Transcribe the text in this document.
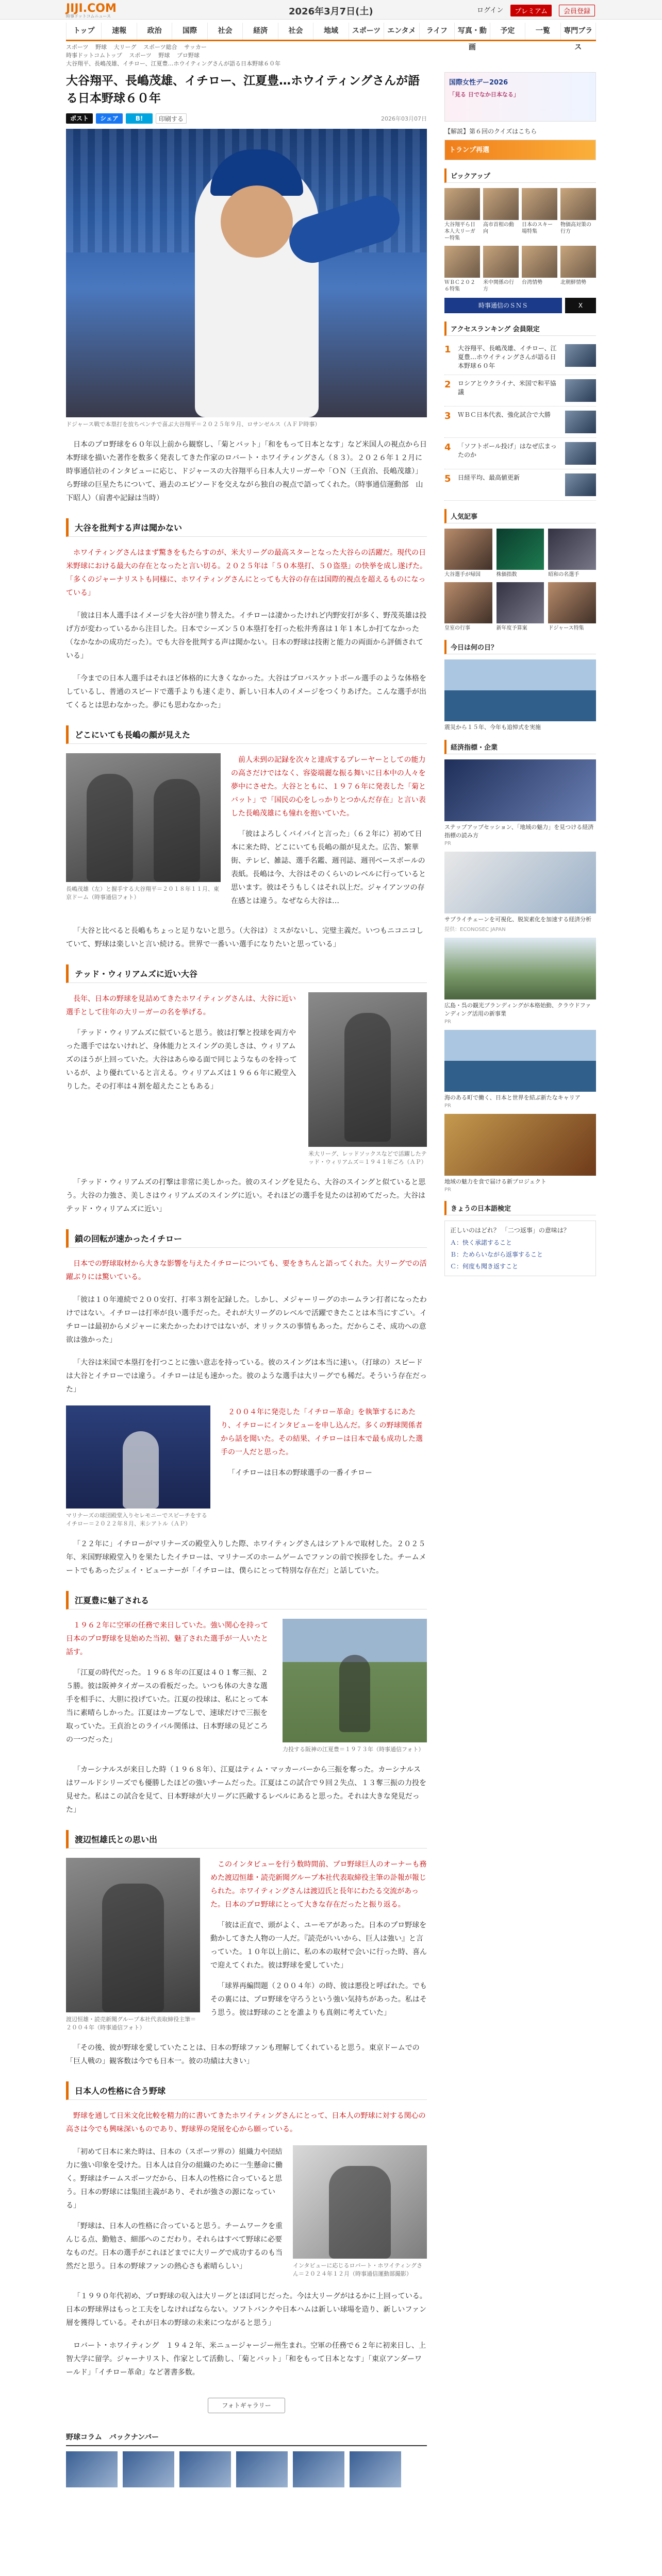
JIJI.COM
時事ドットコムニュース	2026年3月7日(土)	ログイン	プレミアム	会員登録
トップ	速報	政治	国際	社会	経済	社会	地域	スポーツ エンタメ	ライフ	写真・動画
予定	一覧	専門ブラス
スポーツ 野球 大リーグ スポーツ総合 サッカー
時事ドットコムトップ スポーツ 野球 プロ野球
大谷翔平、長嶋茂雄、イチロー、江夏豊…ホウイティングさんが語る日本野球６０年
大谷翔平、長嶋茂雄、イチロー、江夏豊…ホウイティングさんが語る日本野球６０年
ポスト	シェア	B!	印刷する	2026年03月07日
ドジャース戦で本塁打を放ちベンチで喜ぶ大谷翔平＝２０２５年９月、ロサンゼルス（ＡＦＰ時事）

日本のプロ野球を６０年以上前から観察し、「菊とバット」「和をもって日本となす」など米国人の視点から日本野球を描いた著作を数多く発表してきた作家のロバート・ホワイティングさん（８３）。２０２６年１２月に時事通信社のインタビューに応じ、ドジャースの大谷翔平ら日本人大リーガーや「ＯＮ（王貞治、長嶋茂雄）」ら野球の巨星たちについて、過去のエピソードを交えながら独自の視点で語ってくれた。（時事通信運動部　山下昭人）（肩書や記録は当時）

大谷を批判する声は聞かない

ホワイティングさんはまず驚きをもたらすのが、米大リーグの最高スターとなった大谷らの活躍だ。現代の日米野球における最大の存在となったと言い切る。２０２５年は「５０本塁打、５０盗塁」の快挙を成し遂げた。「多くのジャーナリストも同様に、ホワイティングさんにとっても大谷の存在は国際的視点を超えるものになっている」

「彼は日本人選手はイメージを大谷が塗り替えた。イチローは凄かったけれど内野安打が多く、野茂英雄は投げ方が変わっているから注目した。日本でシーズン５０本塁打を打った松井秀喜は１年１本しか打てなかった（なかなかの成功だった）。でも大谷を批判する声は聞かない。日本の野球は技術と能力の両面から評価されている」

「今までの日本人選手はそれほど体格的に大きくなかった。大谷はプロバスケットボール選手のような体格をしているし、普通のスピードで選手よりも速く走り、新しい日本人のイメージをつくりあげた。こんな選手が出てくるとは思わなかった。夢にも思わなかった」

どこにいても長嶋の顔が見えた
長嶋茂雄（左）と握手する大谷翔平＝２０１８年１１月、東京ドーム（時事通信フォト）

前人未到の記録を次々と達成するプレーヤーとしての能力の高さだけではなく、容姿端麗な振る舞いに日本中の人々を夢中にさせた。大谷とともに、１９７６年に発表した「菊とバット」で「国民の心をしっかりとつかんだ存在」と言い表した長嶋茂雄にも憧れを抱いていた。

「彼はよろしくバイバイと言った」（６２年に）初めて日本に来た時、どこにいても長嶋の顔が見えた。広告、繁華街、テレビ、雑誌、選手名鑑、週刊誌、週刊ベースボールの表紙。長嶋は今、大谷はそのくらいのレベルに行っていると思います。彼はそうもしくはそれ以上だ。ジャイアンツの存在感とは違う。なぜなら大谷は…

「大谷と比べると長嶋もちょっと足りないと思う。（大谷は）ミスがないし、完璧主義だ。いつもニコニコしていて、野球は楽しいと言い続ける。世界で一番いい選手になりたいと思っている」

テッド・ウィリアムズに近い大谷

長年、日本の野球を見詰めてきたホワイティングさんは、大谷に近い選手として往年の大リーガーの名を挙げる。

「テッド・ウィリアムズに似ていると思う。彼は打撃と投球を両方やった選手ではないけれど、身体能力とスイングの美しさは、ウィリアムズのほうが上回っていた。大谷はあらゆる面で同じようなものを持っているが、より優れていると言える。ウィリアムズは１９６６年に殿堂入りした。その打率は４割を超えたこともある」

米大リーグ、レッドソックスなどで活躍したテッド・ウィリアムズ＝１９４１年ごろ（ＡＰ）

「テッド・ウィリアムズの打撃は非常に美しかった。彼のスイングを見たら、大谷のスイングと似ていると思う。大谷の力強さ、美しさはウィリアムズのスイングに近い。それほどの選手を見たのは初めてだった。大谷はテッド・ウィリアムズに近い」

鎖の回転が速かったイチロー

日本での野球取材から大きな影響を与えたイチローについても、要をきちんと語ってくれた。大リーグでの活躍ぶりには驚いている。

「彼は１０年連続で２００安打、打率３割を記録した。しかし、メジャーリーグのホームラン打者になったわけではない。イチローは打率が良い選手だった。それが大リーグのレベルで活躍できたことは本当にすごい。イチローは最初からメジャーに来たかったわけではないが、オリックスの事情もあった。だからこそ、成功への意欲は強かった」

「大谷は米国で本塁打を打つことに強い意志を持っている。彼のスイングは本当に速い。（打球の）スピードは大谷とイチローでは違う。イチローは足も速かった。彼のような選手は大リーグでも稀だ。そういう存在だった」

マリナーズの球団殿堂入りセレモニーでスピーチをするイチロー＝２０２２年８月、米シアトル（ＡＰ）

２００４年に発売した「イチロー革命」を執筆するにあたり、イチローにインタビューを申し込んだ。多くの野球関係者から話を聞いた。その結果、イチローは日本で最も成功した選手の一人だと思った。

「イチローは日本の野球選手の一番イチロー

「２２年に」イチローがマリナーズの殿堂入りした際、ホワイティングさんはシアトルで取材した。２０２５年、米国野球殿堂入りを果たしたイチローは、マリナーズのホームゲームでファンの前で挨拶をした。チームメートでもあったジェイ・ビューナーが「イチローは、僕らにとって特別な存在だ」と話していた。

江夏豊に魅了される

１９６２年に空軍の任務で来日していた。強い関心を持って日本のプロ野球を見始めた当初、魅了された選手が一人いたと話す。

「江夏の時代だった。１９６８年の江夏は４０１奪三振、２５勝。彼は阪神タイガースの看板だった。いつも体の大きな選手を相手に、大胆に投げていた。江夏の投球は、私にとって本当に素晴らしかった。江夏はカーブなしで、速球だけで三振を取っていた。王貞治とのライバル関係は、日本野球の見どころの一つだった」

力投する阪神の江夏豊＝１９７３年（時事通信フォト）

「カーシナルスが来日した時（１９６８年）、江夏はティム・マッカーバーから三振を奪った。カーシナルスはワールドシリーズでも優勝したほどの強いチームだった。江夏はこの試合で９回２失点、１３奪三振の力投を見せた。私はこの試合を見て、日本野球が大リーグに匹敵するレベルにあると思った。それは大きな発見だった」

渡辺恒雄氏との思い出
渡辺恒雄・読売新聞グループ本社代表取締役主筆＝２００４年（時事通信フォト）

このインタビューを行う数時間前、プロ野球巨人のオーナーも務めた渡辺恒雄・読売新聞グループ本社代表取締役主筆の訃報が報じられた。ホワイティングさんは渡辺氏と長年にわたる交流があった。日本のプロ野球にとって大きな存在だったと振り返る。

「彼は正直で、頭がよく、ユーモアがあった。日本のプロ野球を動かしてきた人物の一人だ。『読売がいいから、巨人は強い』と言っていた。１０年以上前に、私の本の取材で会いに行った時、喜んで迎えてくれた。彼は野球を愛していた」

「球界再編問題（２００４年）の時、彼は悪役と呼ばれた。でもその裏には、プロ野球を守ろうという強い気持ちがあった。私はそう思う。彼は野球のことを誰よりも真剣に考えていた」

「その後、彼が野球を愛していたことは、日本の野球ファンも理解してくれていると思う。東京ドームでの「巨人戦の」観客数は今でも日本一。彼の功績は大きい」

日本人の性格に合う野球

野球を通して日米文化比較を精力的に書いてきたホワイティングさんにとって、日本人の野球に対する関心の高さは今でも興味深いものであり、野球界の発展を心から願っている。

「初めて日本に来た時は、日本の（スポーツ界の）組織力や団結力に強い印象を受けた。日本人は自分の組織のために一生懸命に働く。野球はチームスポーツだから、日本人の性格に合っていると思う。日本の野球には集団主義があり、それが強さの源になっている」

「野球は、日本人の性格に合っていると思う。チームワークを重んじる点、勤勉さ、細部へのこだわり。それらはすべて野球に必要なものだ。日本の選手がこれほどまでに大リーグで成功するのも当然だと思う。日本の野球ファンの熱心さも素晴らしい」	インタビューに応じるロバート・ホワイティングさん＝２０２４年１２月（時事通信運動部撮影）

「１９９０年代初め、プロ野球の収入は大リーグとほぼ同じだった。今は大リーグがはるかに上回っている。日本の野球界はもっと工夫をしなければならない。ソフトバンクや日本ハムは新しい球場を造り、新しいファン層を獲得している。それが日本の野球の未来につながると思う」

ロバート・ホワイティング　１９４２年、米ニュージャージー州生まれ。空軍の任務で６２年に初来日し、上智大学に留学。ジャーナリスト、作家として活動し、「菊とバット」「和をもって日本となす」「東京アンダーワールド」「イチロー革命」など著書多数。

フォトギャラリー
野球コラム　バックナンバー
国際女性デー2026
「見る 日でなか日本なる」
【解説】第６回のクイズはこちら
トランプ再選
ピックアップ
大谷翔平ら日本人大リーガー特集
高市首相の動向
日本のスキー場特集
物価高対策の行方
ＷＢＣ２０２６特集
米中関係の行方
台湾情勢	北朝鮮情勢
時事通信のＳＮＳ	X
アクセスランキング 会員限定
1	大谷翔平、長嶋茂雄、イチロー、江夏豊…ホウイティングさんが語る日本野球６０年
2	ロシアとウクライナ、米国で和平協議
3	ＷＢＣ日本代表、強化試合で大勝
4	「ソフトボール投げ」はなぜ広まったのか
5	日経平均、最高値更新
人気記事
大谷選手が帰国	株価指数	昭和の名選手
皇室の行事	新年度予算案	ドジャース特集
今日は何の日？
震災から１５年、今年も追悼式を実施
経済指標・企業
ステップアップセッション、「地域の魅力」を見つける経済指標の読み方
PR
サプライチェーンを可視化、脱炭素化を加速する経済分析
提供：ECONOSEC JAPAN
広島・呉の観光ブランディングが本格始動、クラウドファンディング活用の新事業
PR
海のある町で働く、日本と世界を結ぶ新たなキャリア
PR
地域の魅力を食で届ける新プロジェクト
PR
きょうの日本語検定
正しいのはどれ？ 「二つ返事」の意味は？
Ａ：快く承諾すること
Ｂ：ためらいながら返事すること
Ｃ：何度も聞き返すこと
